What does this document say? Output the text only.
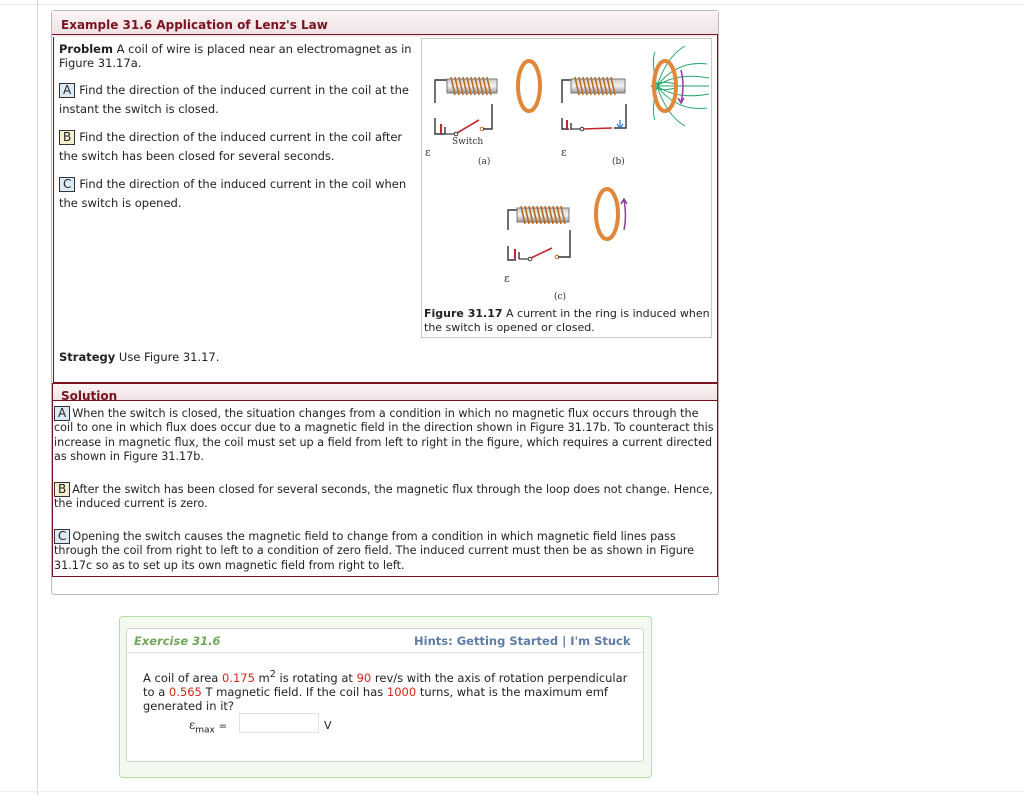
Example 31.6 Application of Lenz's Law
Problem A coil of wire is placed near an electromagnet as in Figure 31.17a.
A Find the direction of the induced current in the coil at the instant the switch is closed.
B Find the direction of the induced current in the coil after the switch has been closed for several seconds.
C Find the direction of the induced current in the coil when the switch is opened.
Strategy Use Figure 31.17.
Switch
ε
(a)
ε
(b)
ε
(c)
Figure 31.17 A current in the ring is induced when the switch is opened or closed.
Solution
A When the switch is closed, the situation changes from a condition in which no magnetic flux occurs through the coil to one in which flux does occur due to a magnetic field in the direction shown in Figure 31.17b. To counteract this increase in magnetic flux, the coil must set up a field from left to right in the figure, which requires a current directed as shown in Figure 31.17b.
B After the switch has been closed for several seconds, the magnetic flux through the loop does not change. Hence, the induced current is zero.
C Opening the switch causes the magnetic field to change from a condition in which magnetic field lines pass through the coil from right to left to a condition of zero field. The induced current must then be as shown in Figure 31.17c so as to set up its own magnetic field from right to left.
Exercise 31.6	Hints: Getting Started | I'm Stuck
A coil of area 0.175 $m^2$ is rotating at 90 rev/s with the axis of rotation perpendicular to a 0.565 T magnetic field. If the coil has 1000 turns, what is the maximum emf generated in it?
$\varepsilon_{max}$ =	V
